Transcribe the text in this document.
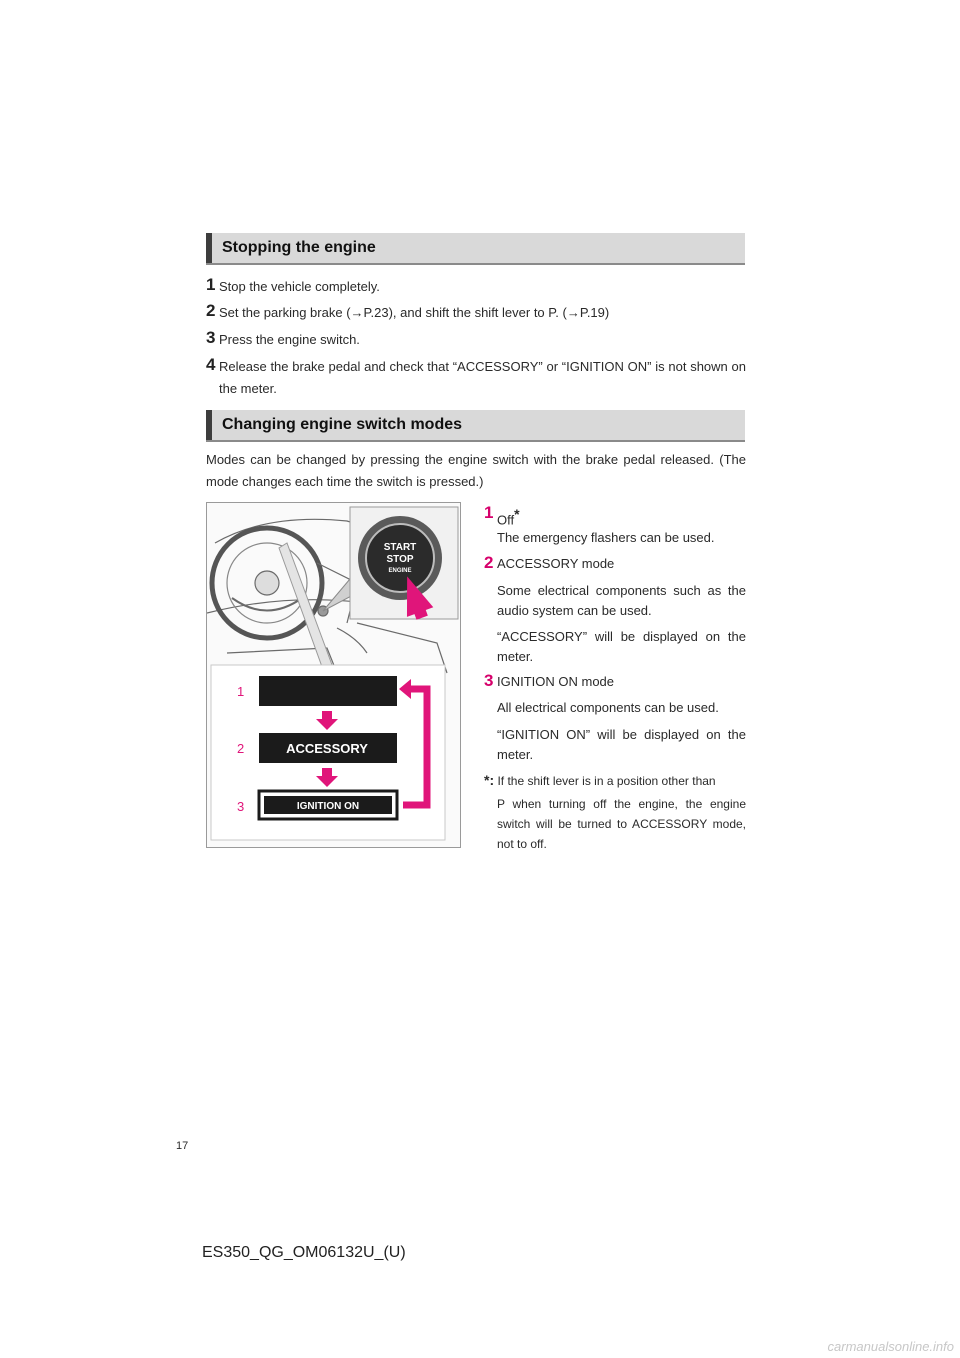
Stopping the engine
1 Stop the vehicle completely.
2 Set the parking brake (→P.23), and shift the shift lever to P. (→P.19)
3 Press the engine switch.
4 Release the brake pedal and check that “ACCESSORY” or “IGNITION ON” is not shown on the meter.
Changing engine switch modes
Modes can be changed by pressing the engine switch with the brake pedal released. (The mode changes each time the switch is pressed.)
START
STOP
ENGINE
ACCESSORY
IGNITION ON
1
2
3
1 Off*
The emergency flashers can be used.
2 ACCESSORY mode
Some electrical components such as the audio system can be used.
“ACCESSORY” will be displayed on the meter.
3 IGNITION ON mode
All electrical components can be used.
“IGNITION ON” will be displayed on the meter.
*: If the shift lever is in a position other than
P when turning off the engine, the engine switch will be turned to ACCESSORY mode, not to off.
17
ES350_QG_OM06132U_(U)
carmanualsonline.info
